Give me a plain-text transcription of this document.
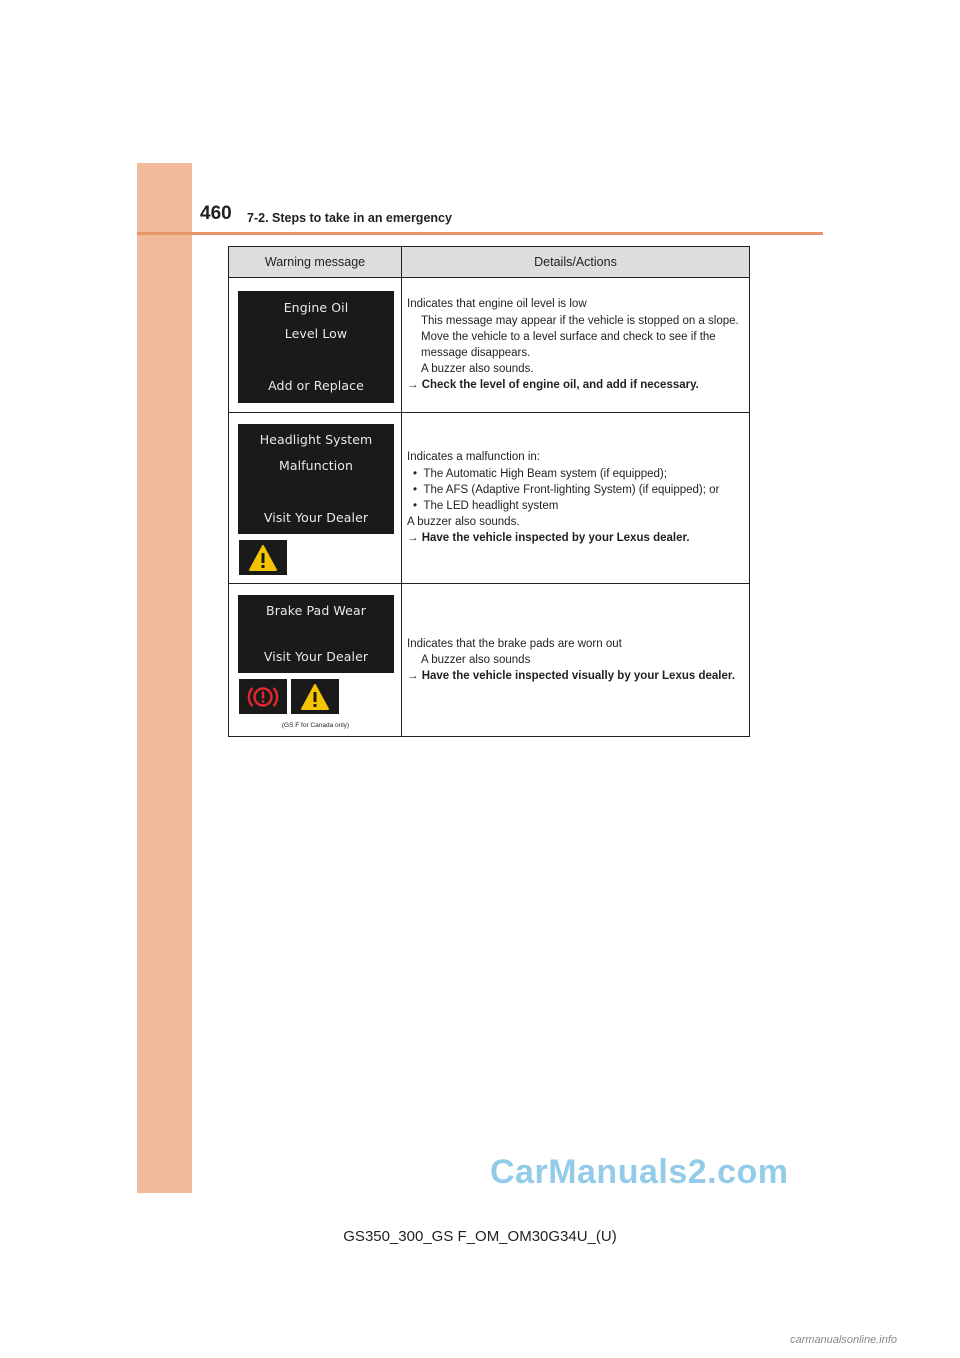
460 7-2. Steps to take in an emergency
Warning message	Details/Actions
Engine Oil
Level Low

Add or Replace
Indicates that engine oil level is low
This message may appear if the vehicle is stopped on a slope. Move the vehicle to a level surface and check to see if the message disappears.
A buzzer also sounds.
→ Check the level of engine oil, and add if necessary.
Headlight System
Malfunction

Visit Your Dealer
Indicates a malfunction in:
•  The Automatic High Beam system (if equipped);
•  The AFS (Adaptive Front-lighting System) (if equipped); or
•  The LED headlight system
A buzzer also sounds.
→ Have the vehicle inspected by your Lexus dealer.
Brake Pad Wear

Visit Your Dealer
(GS F for Canada only)
Indicates that the brake pads are worn out
A buzzer also sounds
→ Have the vehicle inspected visually by your Lexus dealer.
CarManuals2.com
GS350_300_GS F_OM_OM30G34U_(U)
carmanualsonline.info
